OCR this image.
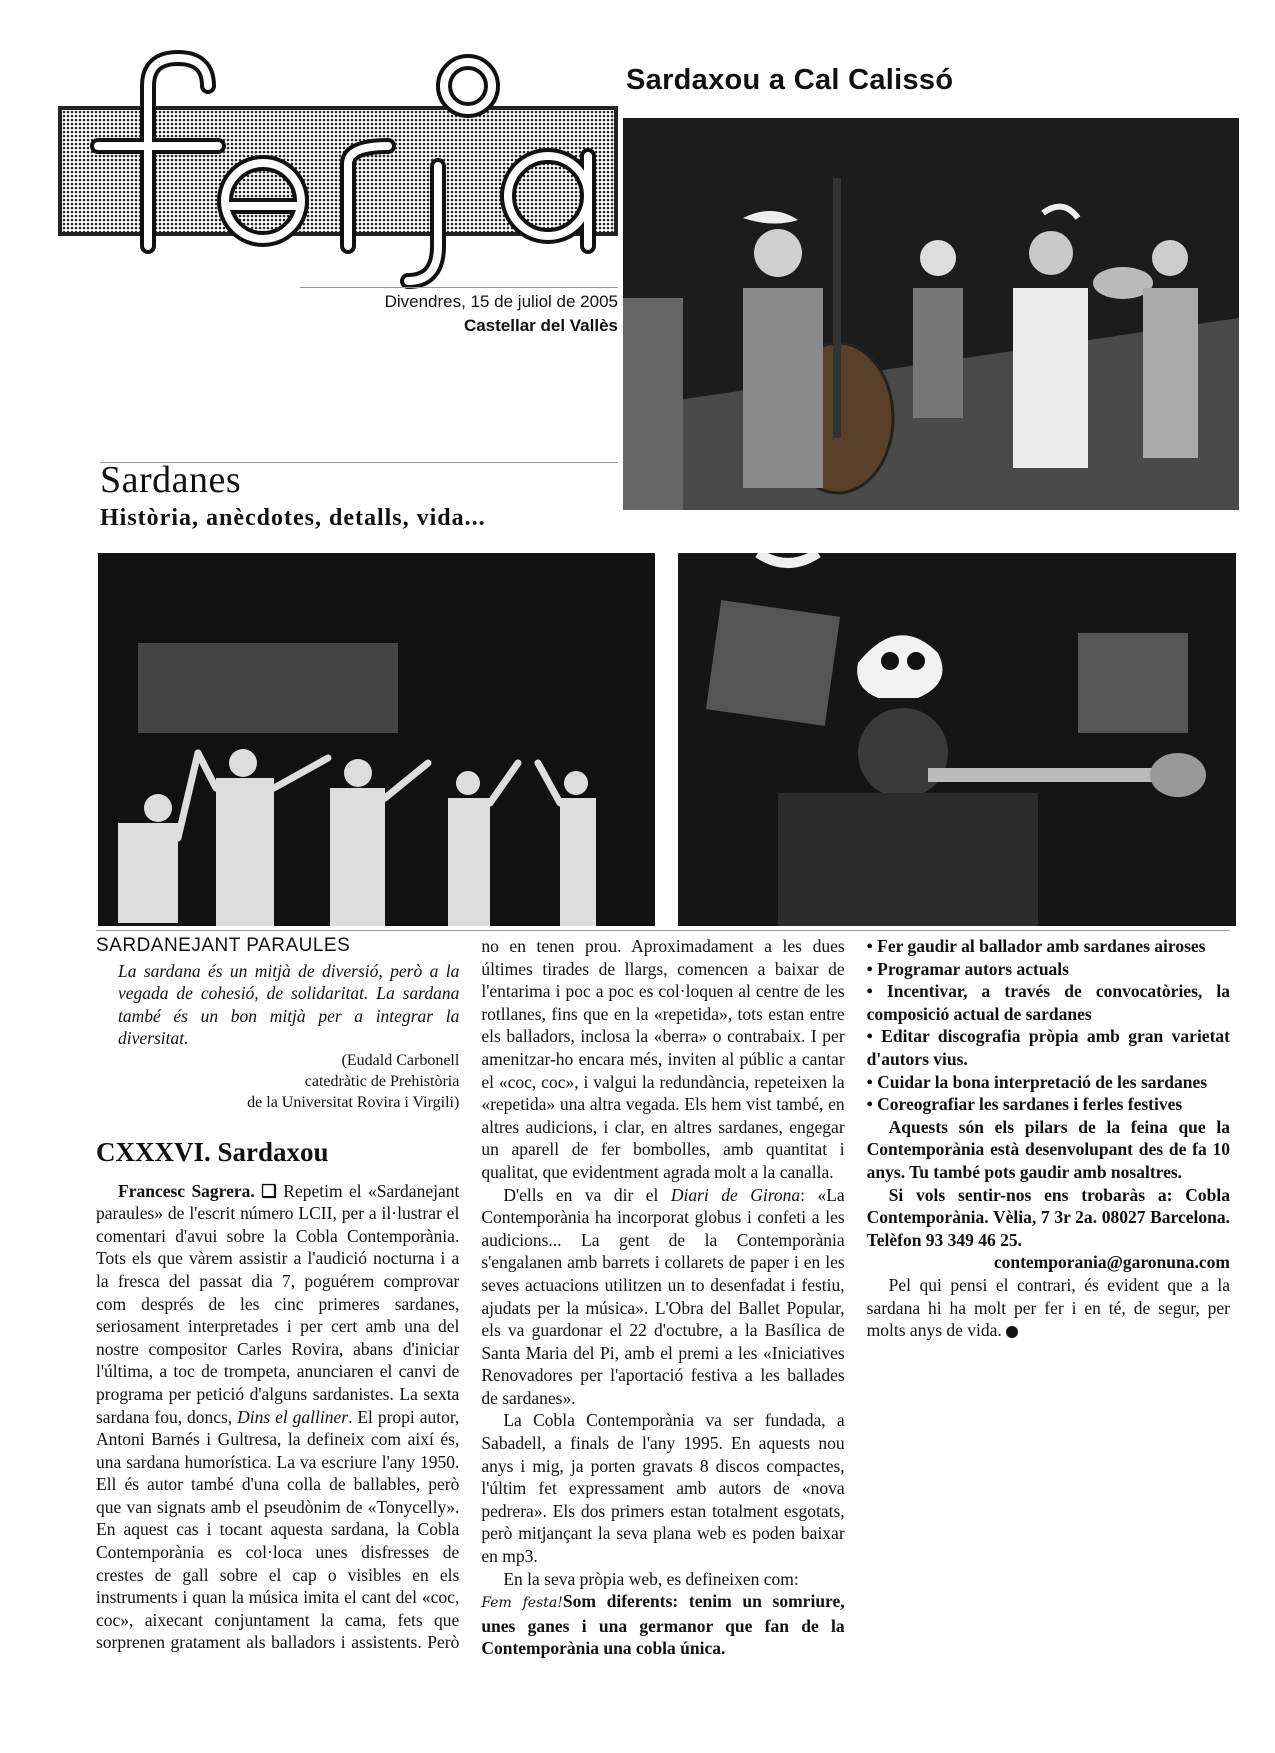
Divendres, 15 de juliol de 2005
Castellar del Vallès
Sardaxou a Cal Calissó
Sardanes
Història, anècdotes, detalls, vida...
SARDANEJANT PARAULES
La sardana és un mitjà de diversió, però a la vegada de cohesió, de solidaritat. La sardana també és un bon mitjà per a integrar la diversitat.
(Eudald Carbonell
catedràtic de Prehistòria
de la Universitat Rovira i Virgili)
CXXXVI. Sardaxou

Francesc Sagrera. ❑ Repetim el «Sardanejant paraules» de l'escrit número LCII, per a il·lustrar el comentari d'avui sobre la Cobla Contemporània. Tots els que vàrem assistir a l'audició nocturna i a la fresca del passat dia 7, poguérem comprovar com després de les cinc primeres sardanes, seriosament interpretades i per cert amb una del nostre compositor Carles Rovira, abans d'iniciar l'última, a toc de trompeta, anunciaren el canvi de programa per petició d'alguns sardanistes. La sexta sardana fou, doncs, Dins el galliner. El propi autor, Antoni Barnés i Gultresa, la defineix com així és, una sardana humorística. La va escriure l'any 1950. Ell és autor també d'una colla de ballables, però que van signats amb el pseudònim de «Tonycelly». En aquest cas i tocant aquesta sardana, la Cobla Contemporània es col·loca unes disfresses de crestes de gall sobre el cap o visibles en els instruments i quan la música imita el cant del «coc, coc», aixecant conjuntament la cama, fets que sorprenen gratament als balladors i assistents. Però no en tenen prou. Aproximadament a les dues últimes tirades de llargs, comencen a baixar de l'entarima i poc a poc es col·loquen al centre de les rotllanes, fins que en la «repetida», tots estan entre els balladors, inclosa la «berra» o contrabaix. I per amenitzar-ho encara més, inviten al públic a cantar el «coc, coc», i valgui la redundància, repeteixen la «repetida» una altra vegada. Els hem vist també, en altres audicions, i clar, en altres sardanes, engegar un aparell de fer bombolles, amb quantitat i qualitat, que evidentment agrada molt a la canalla.

D'ells en va dir el Diari de Girona: «La Contemporània ha incorporat globus i confeti a les audicions... La gent de la Contemporània s'engalanen amb barrets i collarets de paper i en les seves actuacions utilitzen un to desenfadat i festiu, ajudats per la música». L'Obra del Ballet Popular, els va guardonar el 22 d'octubre, a la Basílica de Santa Maria del Pi, amb el premi a les «Iniciatives Renovadores per l'aportació festiva a les ballades de sardanes».

La Cobla Contemporània va ser fundada, a Sabadell, a finals de l'any 1995. En aquests nou anys i mig, ja porten gravats 8 discos compactes, l'últim fet expressament amb autors de «nova pedrera». Els dos primers estan totalment esgotats, però mitjançant la seva plana web es poden baixar en mp3.

En la seva pròpia web, es defineixen com:

Fem festa!Som diferents: tenim un somriure, unes ganes i una germanor que fan de la Contemporània una cobla única.

• Fer gaudir al ballador amb sardanes airoses

• Programar autors actuals

• Incentivar, a través de convocatòries, la composició actual de sardanes

• Editar discografia pròpia amb gran varietat d'autors vius.

• Cuidar la bona interpretació de les sardanes

• Coreografiar les sardanes i ferles festives

Aquests són els pilars de la feina que la Contemporània està desenvolupant des de fa 10 anys. Tu també pots gaudir amb nosaltres.

Si vols sentir-nos ens trobaràs a: Cobla Contemporània. Vèlia, 7 3r 2a. 08027 Barcelona. Telèfon 93 349 46 25.

contemporania@garonuna.com

Pel qui pensi el contrari, és evident que a la sardana hi ha molt per fer i en té, de segur, per molts anys de vida.
